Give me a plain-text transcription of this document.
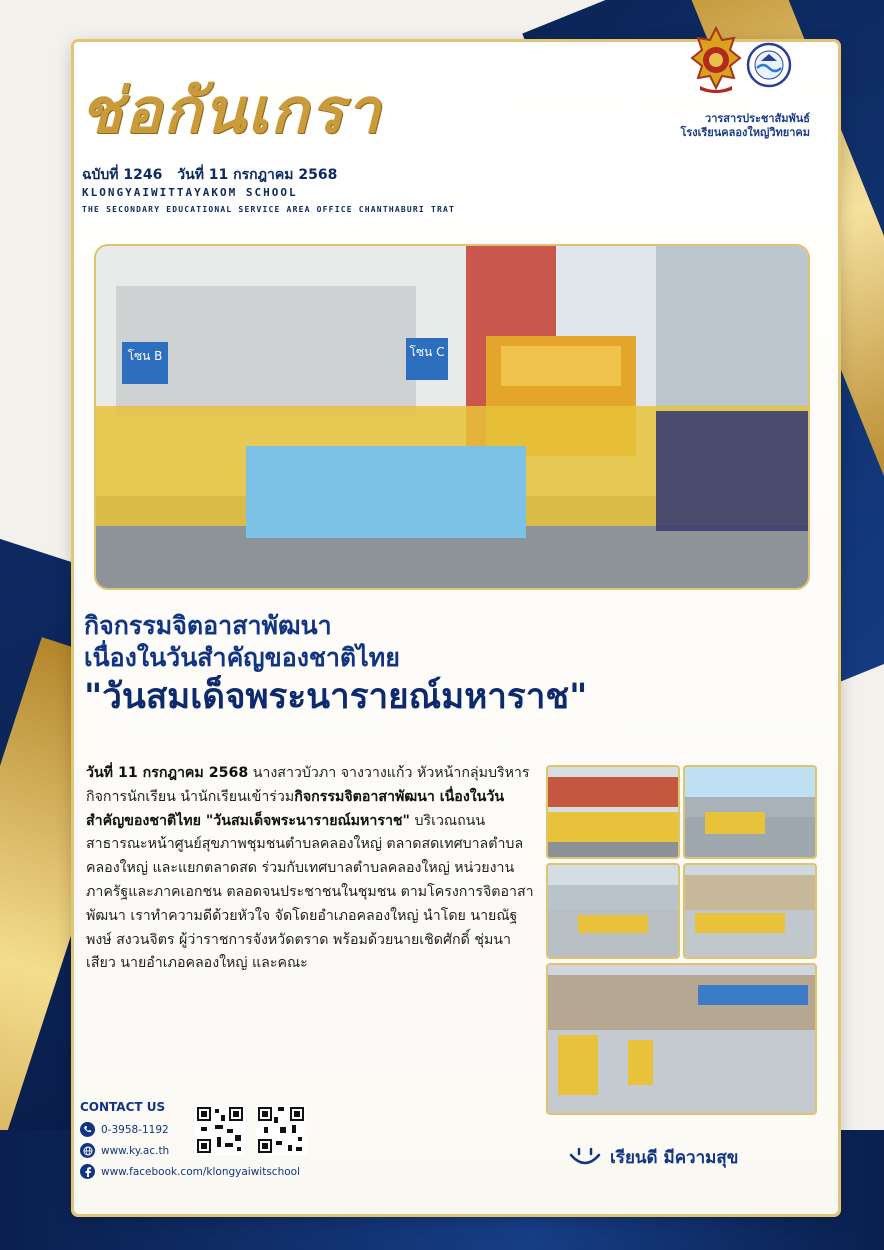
ช่อกันเกรา
ฉบับที่ 1246 วันที่ 11 กรกฎาคม 2568
KLONGYAIWITTAYAKOM SCHOOL
THE SECONDARY EDUCATIONAL SERVICE AREA OFFICE CHANTHABURI TRAT
วารสารประชาสัมพันธ์
โรงเรียนคลองใหญ่วิทยาคม
โซน B	โซน C

กิจกรรมจิตอาสาพัฒนา

เนื่องในวันสำคัญของชาติไทย

"วันสมเด็จพระนารายณ์มหาราช"

วันที่ 11 กรกฎาคม 2568 นางสาวบัวภา จางวางแก้ว หัวหน้ากลุ่มบริหารกิจการนักเรียน นำนักเรียนเข้าร่วมกิจกรรมจิตอาสาพัฒนา เนื่องในวันสำคัญของชาติไทย "วันสมเด็จพระนารายณ์มหาราช" บริเวณถนนสาธารณะหน้าศูนย์สุขภาพชุมชนตำบลคลองใหญ่ ตลาดสดเทศบาลตำบลคลองใหญ่ และแยกตลาดสด ร่วมกับเทศบาลตำบลคลองใหญ่ หน่วยงานภาครัฐและภาคเอกชน ตลอดจนประชาชนในชุมชน ตามโครงการจิตอาสาพัฒนา เราทำความดีด้วยหัวใจ จัดโดยอำเภอคลองใหญ่ นำโดย นายณัฐพงษ์ สงวนจิตร ผู้ว่าราชการจังหวัดตราด พร้อมด้วยนายเชิดศักดิ์ ชุ่มนาเสียว นายอำเภอคลองใหญ่ และคณะ
CONTACT US
0-3958-1192
www.ky.ac.th
www.facebook.com/klongyaiwitschool
เรียนดี มีความสุข
